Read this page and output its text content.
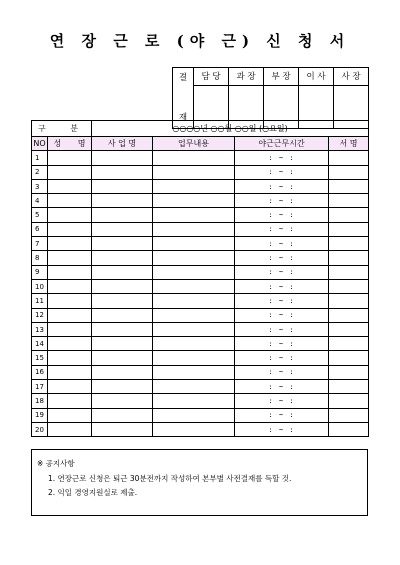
연 장 근 로 (야 근) 신 청 서
결

재	담 당	과 장	부 장	이 사	사 장

구 분		○○○○년 ○○월 ○○일 (○요일)			
NO	성 명	사 업 명	업무내용	야근근무시간	서 명
1				: ~ :	
2				: ~ :	
3				: ~ :	
4				: ~ :	
5				: ~ :	
6				: ~ :	
7				: ~ :	
8				: ~ :	
9				: ~ :	
10				: ~ :	
11				: ~ :	
12				: ~ :	
13				: ~ :	
14				: ~ :	
15				: ~ :	
16				: ~ :	
17				: ~ :	
18				: ~ :	
19				: ~ :	
20				: ~ :	
※ 공지사항
1. 연장근로 신청은 퇴근 30분전까지 작성하여 본부별 사전결재를 득할 것.
2. 익일 경영지원실로 제출.
